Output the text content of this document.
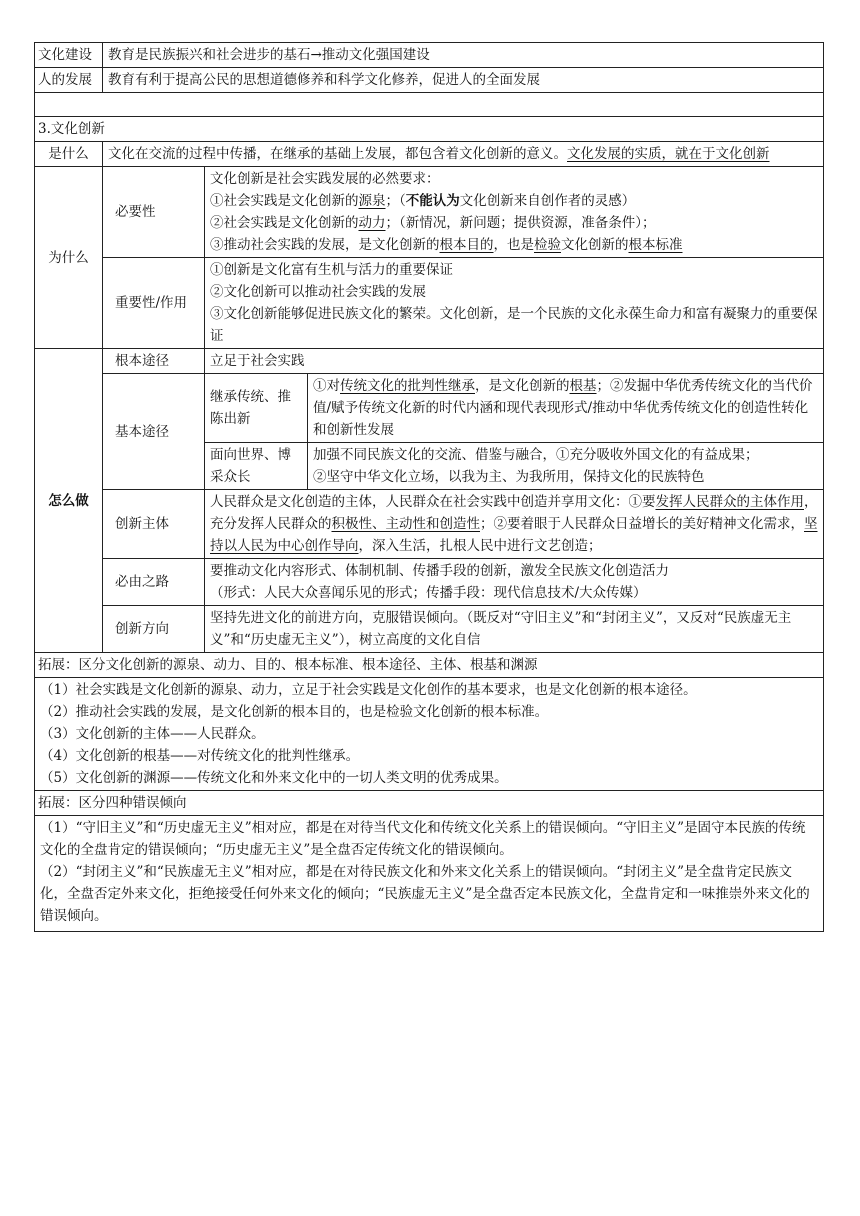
文化建设	教育是民族振兴和社会进步的基石→推动文化强国建设		
人的发展	教育有利于提高公民的思想道德修养和科学文化修养，促进人的全面发展		

3.文化创新			
是什么	文化在交流的过程中传播，在继承的基础上发展，都包含着文化创新的意义。文化发展的实质，就在于文化创新		
为什么	必要性	文化创新是社会实践发展的必然要求：
①社会实践是文化创新的源泉；（不能认为文化创新来自创作者的灵感）
②社会实践是文化创新的动力；（新情况，新问题；提供资源，准备条件）；
③推动社会实践的发展，是文化创新的根本目的，也是检验文化创新的根本标准	

	重要性/作用	①创新是文化富有生机与活力的重要保证
②文化创新可以推动社会实践的发展
③文化创新能够促进民族文化的繁荣。文化创新，是一个民族的文化永葆生命力和富有凝聚力的重要保证	

怎么做	根本途径	立足于社会实践	
	基本途径	继承传统、推陈出新	①对传统文化的批判性继承，是文化创新的根基；②发掘中华优秀传统文化的当代价值/赋予传统文化新的时代内涵和现代表现形式/推动中华优秀传统文化的创造性转化和创新性发展
		面向世界、博采众长	加强不同民族文化的交流、借鉴与融合，①充分吸收外国文化的有益成果；
②坚守中华文化立场，以我为主、为我所用，保持文化的民族特色

	创新主体	人民群众是文化创造的主体，人民群众在社会实践中创造并享用文化：①要发挥人民群众的主体作用，充分发挥人民群众的积极性、主动性和创造性；②要着眼于人民群众日益增长的美好精神文化需求，坚持以人民为中心创作导向，深入生活，扎根人民中进行文艺创造；	
	必由之路	要推动文化内容形式、体制机制、传播手段的创新，激发全民族文化创造活力
（形式：人民大众喜闻乐见的形式；传播手段：现代信息技术/大众传媒）	

	创新方向	坚持先进文化的前进方向，克服错误倾向。（既反对“守旧主义”和“封闭主义”，又反对“民族虚无主义”和“历史虚无主义”），树立高度的文化自信	
拓展：区分文化创新的源泉、动力、目的、根本标准、根本途径、主体、根基和渊源			

（1）社会实践是文化创新的源泉、动力，立足于社会实践是文化创作的基本要求，也是文化创新的根本途径。
（2）推动社会实践的发展，是文化创新的根本目的，也是检验文化创新的根本标准。
（3）文化创新的主体——人民群众。
（4）文化创新的根基——对传统文化的批判性继承。
（5）文化创新的渊源——传统文化和外来文化中的一切人类文明的优秀成果。			

拓展：区分四种错误倾向			

（1）“守旧主义”和“历史虚无主义”相对应，都是在对待当代文化和传统文化关系上的错误倾向。“守旧主义”是固守本民族的传统文化的全盘肯定的错误倾向；“历史虚无主义”是全盘否定传统文化的错误倾向。
（2）“封闭主义”和“民族虚无主义”相对应，都是在对待民族文化和外来文化关系上的错误倾向。“封闭主义”是全盘肯定民族文化，全盘否定外来文化，拒绝接受任何外来文化的倾向；“民族虚无主义”是全盘否定本民族文化，全盘肯定和一味推崇外来文化的错误倾向。			
